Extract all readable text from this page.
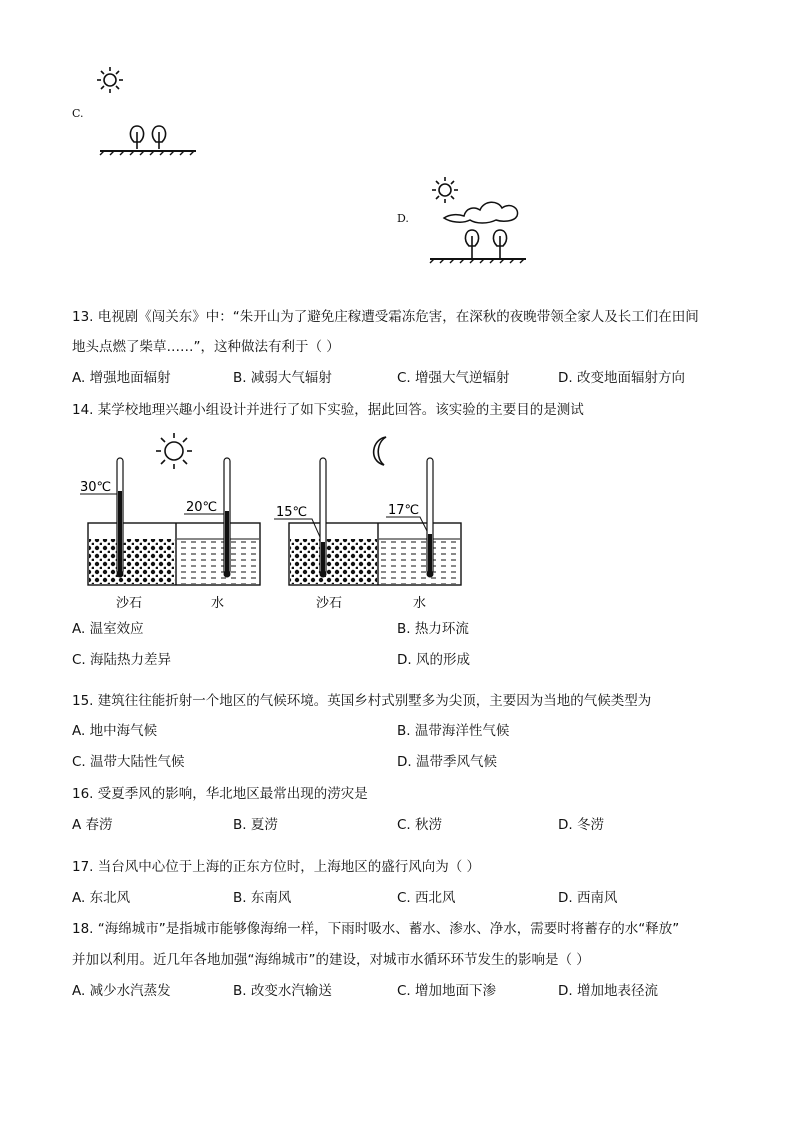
C.
D.
13. 电视剧《闯关东》中：“朱开山为了避免庄稼遭受霜冻危害，在深秋的夜晚带领全家人及长工们在田间
地头点燃了柴草……”，这种做法有利于（ ）
A. 增强地面辐射	B. 减弱大气辐射	C. 增强大气逆辐射	D. 改变地面辐射方向
14. 某学校地理兴趣小组设计并进行了如下实验，据此回答。该实验的主要目的是测试
30℃
20℃
沙石	水
15℃	17℃
沙石	水
A. 温室效应	B. 热力环流
C. 海陆热力差异	D. 风的形成
15. 建筑往往能折射一个地区的气候环境。英国乡村式别墅多为尖顶，主要因为当地的气候类型为
A. 地中海气候	B. 温带海洋性气候
C. 温带大陆性气候	D. 温带季风气候
16. 受夏季风的影响，华北地区最常出现的涝灾是
A 春涝	B. 夏涝	C. 秋涝	D. 冬涝
17. 当台风中心位于上海的正东方位时，上海地区的盛行风向为（ ）
A. 东北风	B. 东南风	C. 西北风	D. 西南风
18. “海绵城市”是指城市能够像海绵一样，下雨时吸水、蓄水、渗水、净水，需要时将蓄存的水“释放”
并加以利用。近几年各地加强“海绵城市”的建设，对城市水循环环节发生的影响是（ ）
A. 减少水汽蒸发	B. 改变水汽输送	C. 增加地面下渗	D. 增加地表径流
